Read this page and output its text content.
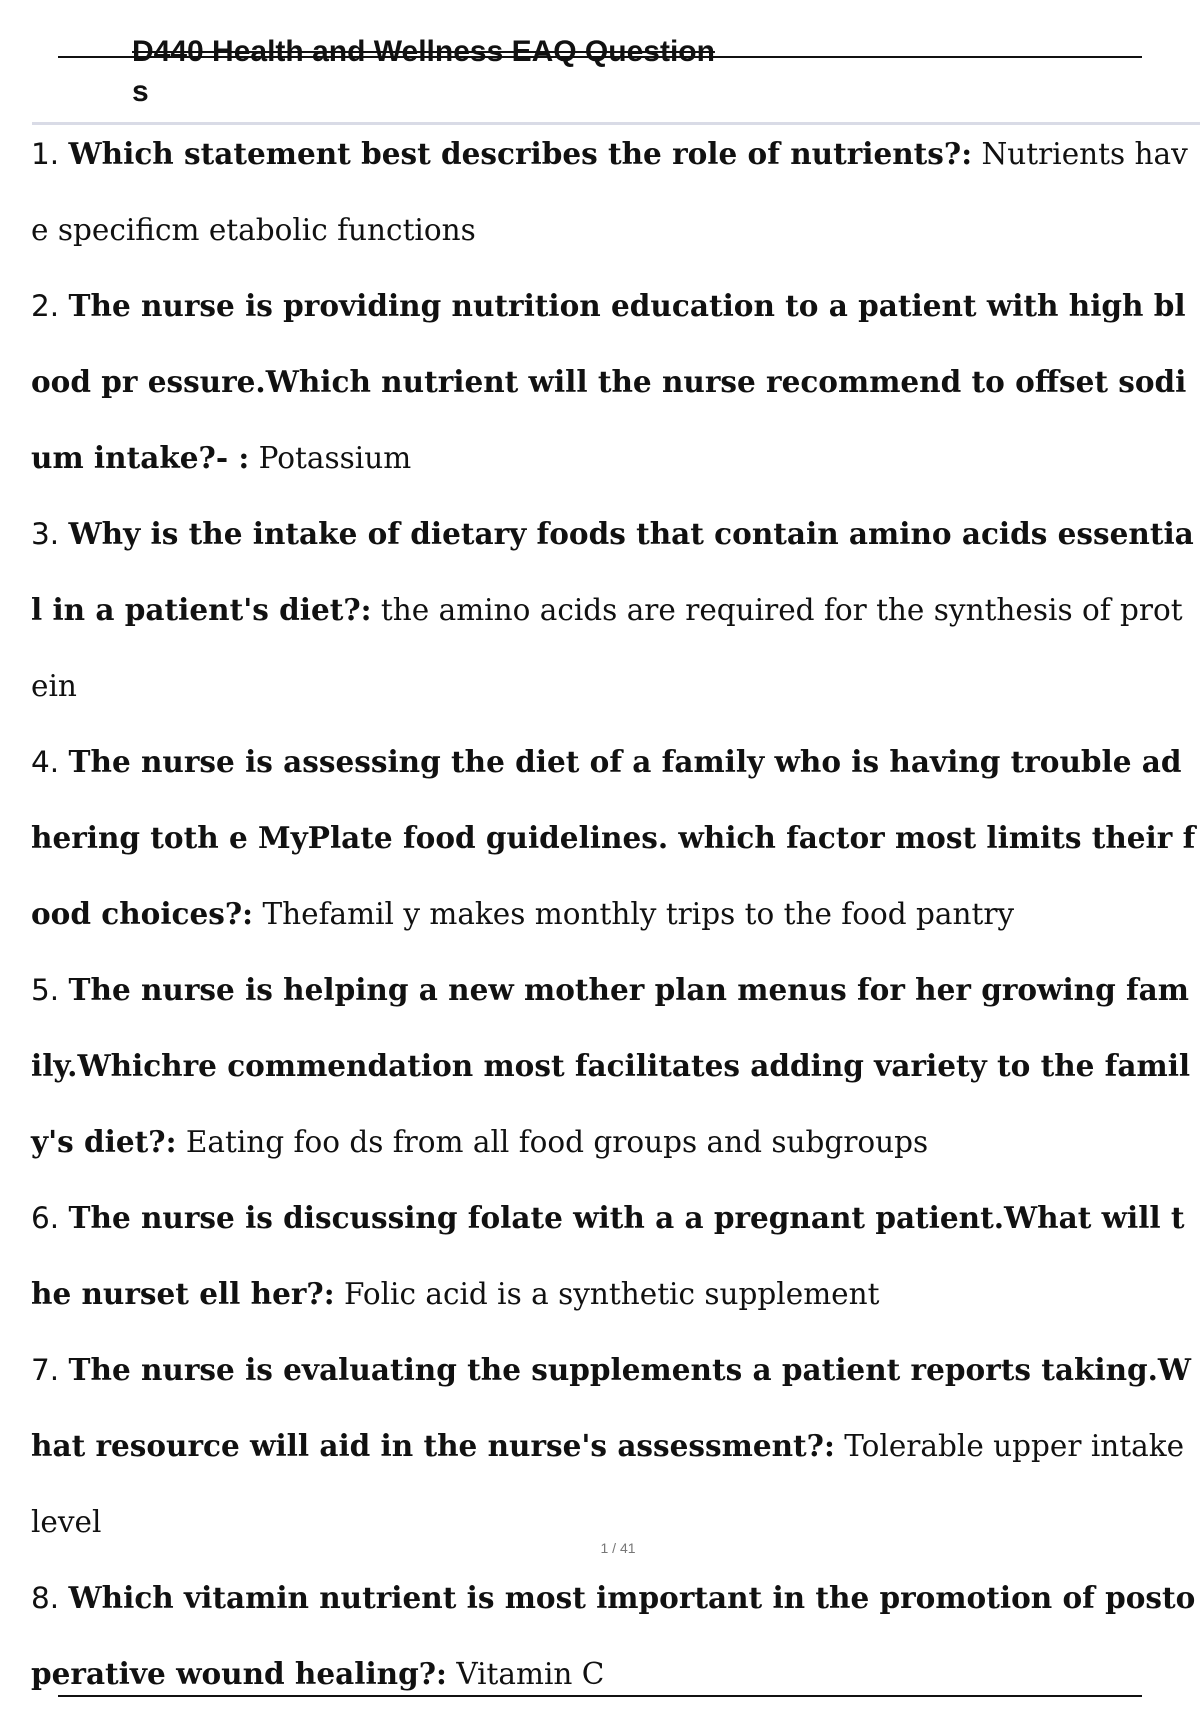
D440 Health and Wellness EAQ Question
s

1. Which statement best describes the role of nutrients?: Nutrients have specificm etabolic functions

2. The nurse is providing nutrition education to a patient with high blood pr essure.Which nutrient will the nurse recommend to offset sodium intake?- : Potassium

3. Why is the intake of dietary foods that contain amino acids essential in a patient's diet?: the amino acids are required for the synthesis of protein

4. The nurse is assessing the diet of a family who is having trouble adhering toth e MyPlate food guidelines. which factor most limits their food choices?: Thefamil y makes monthly trips to the food pantry

5. The nurse is helping a new mother plan menus for her growing family.Whichre commendation most facilitates adding variety to the family's diet?: Eating foo ds from all food groups and subgroups

6. The nurse is discussing folate with a a pregnant patient.What will the nurset ell her?: Folic acid is a synthetic supplement

7. The nurse is evaluating the supplements a patient reports taking.What resource will aid in the nurse's assessment?: Tolerable upper intake level

8. Which vitamin nutrient is most important in the promotion of postoperative wound healing?: Vitamin C

1 / 41
